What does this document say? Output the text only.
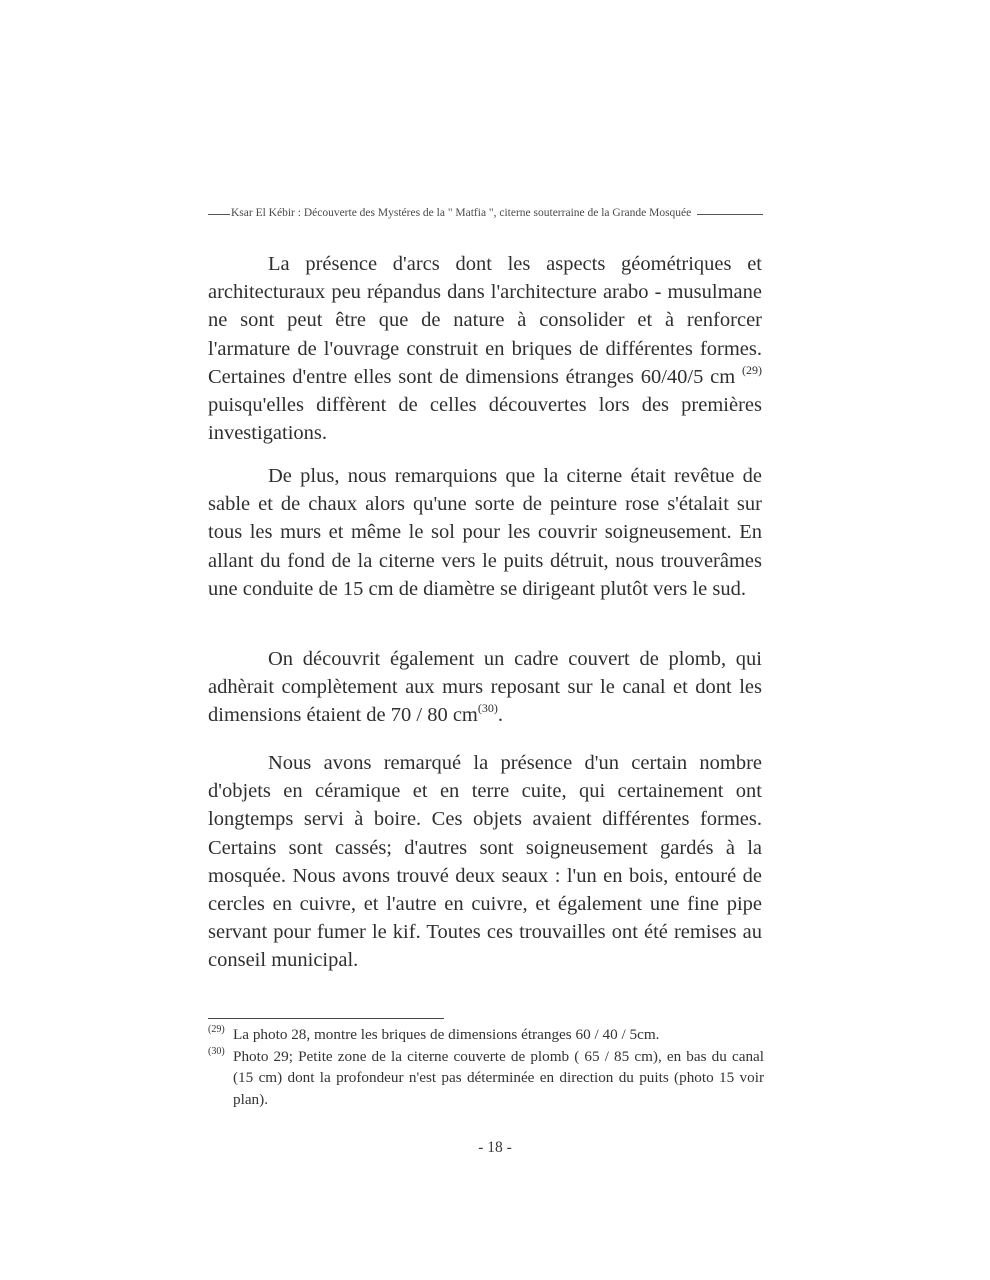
Ksar El Kébir : Découverte des Mystéres de la " Matfia ", citerne souterraine de la Grande Mosquée

La présence d'arcs dont les aspects géométriques et architecturaux peu répandus dans l'architecture arabo - musulmane ne sont peut être que de nature à consolider et à renforcer l'armature de l'ouvrage construit en briques de différentes formes. Certaines d'entre elles sont de dimensions étranges 60/40/5 cm $^{(29)}$ puisqu'elles diffèrent de celles découvertes lors des premières investigations.

De plus, nous remarquions que la citerne était revêtue de sable et de chaux alors qu'une sorte de peinture rose s'étalait sur tous les murs et même le sol pour les couvrir soigneusement. En allant du fond de la citerne vers le puits détruit, nous trouverâmes une conduite de 15 cm de diamètre se dirigeant plutôt vers le sud.

On découvrit également un cadre couvert de plomb, qui adhèrait complètement aux murs reposant sur le canal et dont les dimensions étaient de 70 / 80 cm$^{(30)}$.

Nous avons remarqué la présence d'un certain nombre d'objets en céramique et en terre cuite, qui certainement ont longtemps servi à boire. Ces objets avaient différentes formes. Certains sont cassés; d'autres sont soigneusement gardés à la mosquée. Nous avons trouvé deux seaux : l'un en bois, entouré de cercles en cuivre, et l'autre en cuivre, et également une fine pipe servant pour fumer le kif. Toutes ces trouvailles ont été remises au conseil municipal.

(29) La photo 28, montre les briques de dimensions étranges 60 / 40 / 5cm.
(30) Photo 29; Petite zone de la citerne couverte de plomb ( 65 / 85 cm), en bas du canal (15 cm) dont la profondeur n'est pas déterminée en direction du puits (photo 15 voir plan).
- 18 -
